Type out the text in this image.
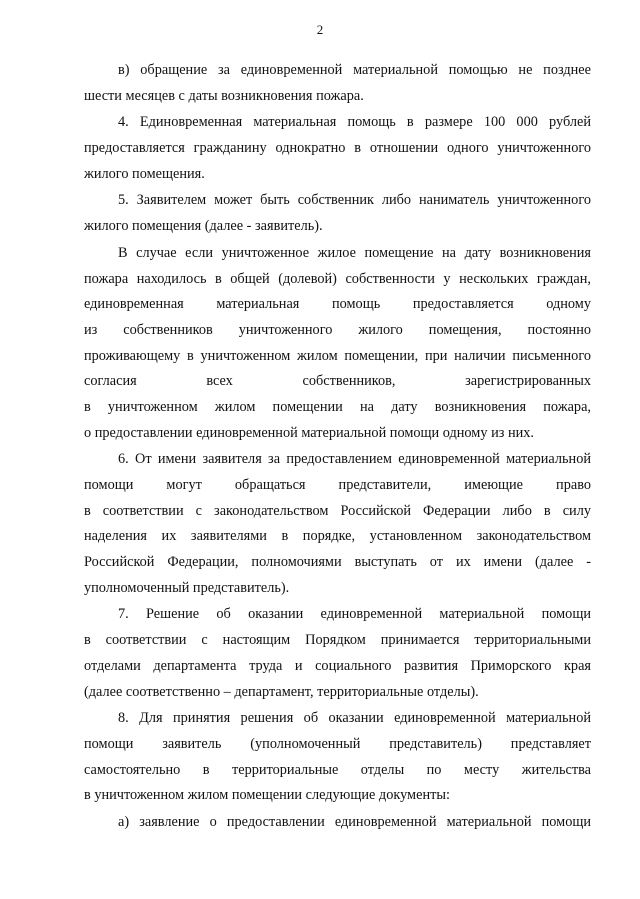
2
в) обращение за единовременной материальной помощью не позднее
шести месяцев с даты возникновения пожара.
4. Единовременная материальная помощь в размере 100 000 рублей
предоставляется гражданину однократно в отношении одного уничтоженного
жилого помещения.
5. Заявителем может быть собственник либо наниматель уничтоженного
жилого помещения (далее - заявитель).
В случае если уничтоженное жилое помещение на дату возникновения
пожара находилось в общей (долевой) собственности у нескольких граждан,
единовременная материальная помощь предоставляется одному
из собственников уничтоженного жилого помещения, постоянно
проживающему в уничтоженном жилом помещении, при наличии письменного
согласия всех собственников, зарегистрированных
в уничтоженном жилом помещении на дату возникновения пожара,
о предоставлении единовременной материальной помощи одному из них.
6. От имени заявителя за предоставлением единовременной материальной
помощи могут обращаться представители, имеющие право
в соответствии с законодательством Российской Федерации либо в силу
наделения их заявителями в порядке, установленном законодательством
Российской Федерации, полномочиями выступать от их имени (далее -
уполномоченный представитель).
7. Решение об оказании единовременной материальной помощи
в соответствии с настоящим Порядком принимается территориальными
отделами департамента труда и социального развития Приморского края
(далее соответственно – департамент, территориальные отделы).
8. Для принятия решения об оказании единовременной материальной
помощи заявитель (уполномоченный представитель) представляет
самостоятельно в территориальные отделы по месту жительства
в уничтоженном жилом помещении следующие документы:
а) заявление о предоставлении единовременной материальной помощи
